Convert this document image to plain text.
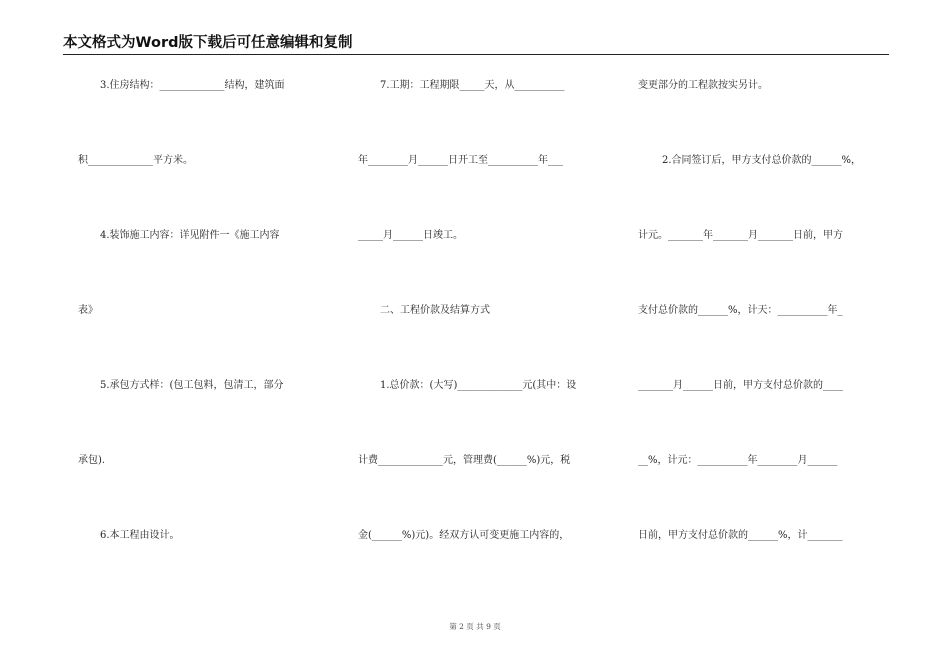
本文格式为Word版下载后可任意编辑和复制
3.住房结构：_____________结构，建筑面
积_____________平方米。
4.装饰施工内容：详见附件一《施工内容
表》
5.承包方式样：(包工包料，包清工，部分
承包).
6.本工程由设计。
7.工期：工程期限_____天，从__________
年________月______日开工至__________年___
_____月______日竣工。
二、工程价款及结算方式
1.总价款：(大写)_____________元(其中：设
计费_____________元，管理费(______%)元，税
金(______%)元)。经双方认可变更施工内容的，
变更部分的工程款按实另计。
2.合同签订后，甲方支付总价款的______%，
计元。_______年_______月_______日前，甲方
支付总价款的______%，计天：__________年_
_______月______日前，甲方支付总价款的____
__%，计元：__________年________月______
日前，甲方支付总价款的______%，计_______
第 2 页 共 9 页
